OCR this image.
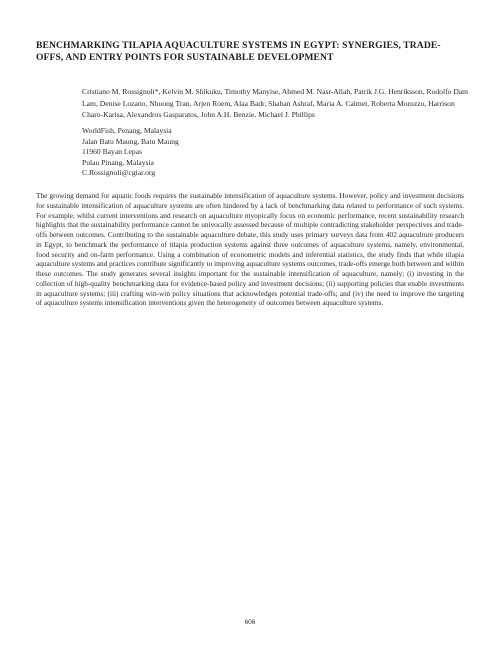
BENCHMARKING TILAPIA AQUACULTURE SYSTEMS IN EGYPT: SYNERGIES, TRADE-OFFS, AND ENTRY POINTS FOR SUSTAINABLE DEVELOPMENT
Cristiano M. Rossignoli*, Kelvin M. Shikuku, Timothy Manyise, Ahmed M. Nasr-Allah, Patrik J.G. Henriksson, Rodolfo Dam Lam, Denise Lozano, Nhuong Tran, Arjen Roem, Alaa Badr, Shaban Ashraf, Maria A. Calmet, Roberta Moruzzo, Harrison Charo-Karisa, Alexandros Gasparatos, John A.H. Benzie, Michael J. Phillips
WorldFish, Penang, Malaysia
Jalan Batu Maung, Batu Maung
11960 Bayan Lepas
Pulau Pinang, Malaysia
C.Rossignoli@cgiar.org
The growing demand for aquatic foods requires the sustainable intensification of aquaculture systems. However, policy and investment decisions for sustainable intensification of aquaculture systems are often hindered by a lack of benchmarking data related to performance of such systems. For example, whilst current interventions and research on aquaculture myopically focus on economic performance, recent sustainability research highlights that the sustainability performance cannot be univocally assessed because of multiple contradicting stakeholder perspectives and trade-offs between outcomes. Contributing to the sustainable aquaculture debate, this study uses primary surveys data from 402 aquaculture producers in Egypt, to benchmark the performance of tilapia production systems against three outcomes of aquaculture systems, namely, environmental, food security and on-farm performance. Using a combination of econometric models and inferential statistics, the study finds that while tilapia aquaculture systems and practices contribute significantly to improving aquaculture systems outcomes, trade-offs emerge both between and within these outcomes. The study generates several insights important for the sustainable intensification of aquaculture, namely; (i) investing in the collection of high-quality benchmarking data for evidence-based policy and investment decisions; (ii) supporting policies that enable investments in aquaculture systems; (iii) crafting win-win policy situations that acknowledges potential trade-offs; and (iv) the need to improve the targeting of aquaculture systems intensification interventions given the heterogeneity of outcomes between aquaculture systems.
606
